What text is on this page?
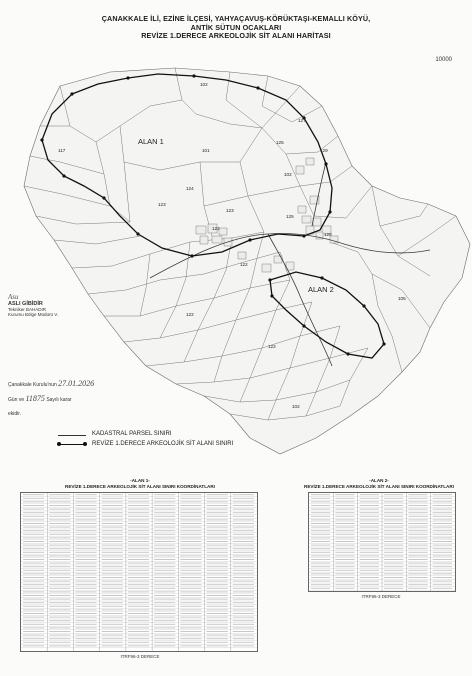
ÇANAKKALE İLİ, EZİNE İLÇESİ, YAHYAÇAVUŞ-KÖRÜKTAŞI-KEMALLI KÖYÜ,
ANTİK SÜTUN OCAKLARI
REVİZE 1.DERECE ARKEOLOJİK SİT ALANI HARİTASI
10000
ALAN 1
ALAN 2
102
117	101
127
125
129
102
123
124
123
122
125
128
122
105
122
122
102
Asu
ASLI GİBİDİR
Tekniker BAHADIR
Kurumu Bölge Müdürü V.
Çanakkale Kurulu'nun 27.01.2026
Gün ve 11875 Sayılı karar
ekidir.
KADASTRAL PARSEL SINIRI
REVİZE 1.DERECE ARKEOLOJİK SİT ALANI SINIRI
-ALAN 1-
REVİZE 1.DERECE ARKEOLOJİK SİT ALANI SINIRI KOORDİNATLARI
ITRF96-3 DERECE
-ALAN 2-
REVİZE 1.DERECE ARKEOLOJİK SİT ALANI SINIRI KOORDİNATLARI
ITRF96-3 DERECE
